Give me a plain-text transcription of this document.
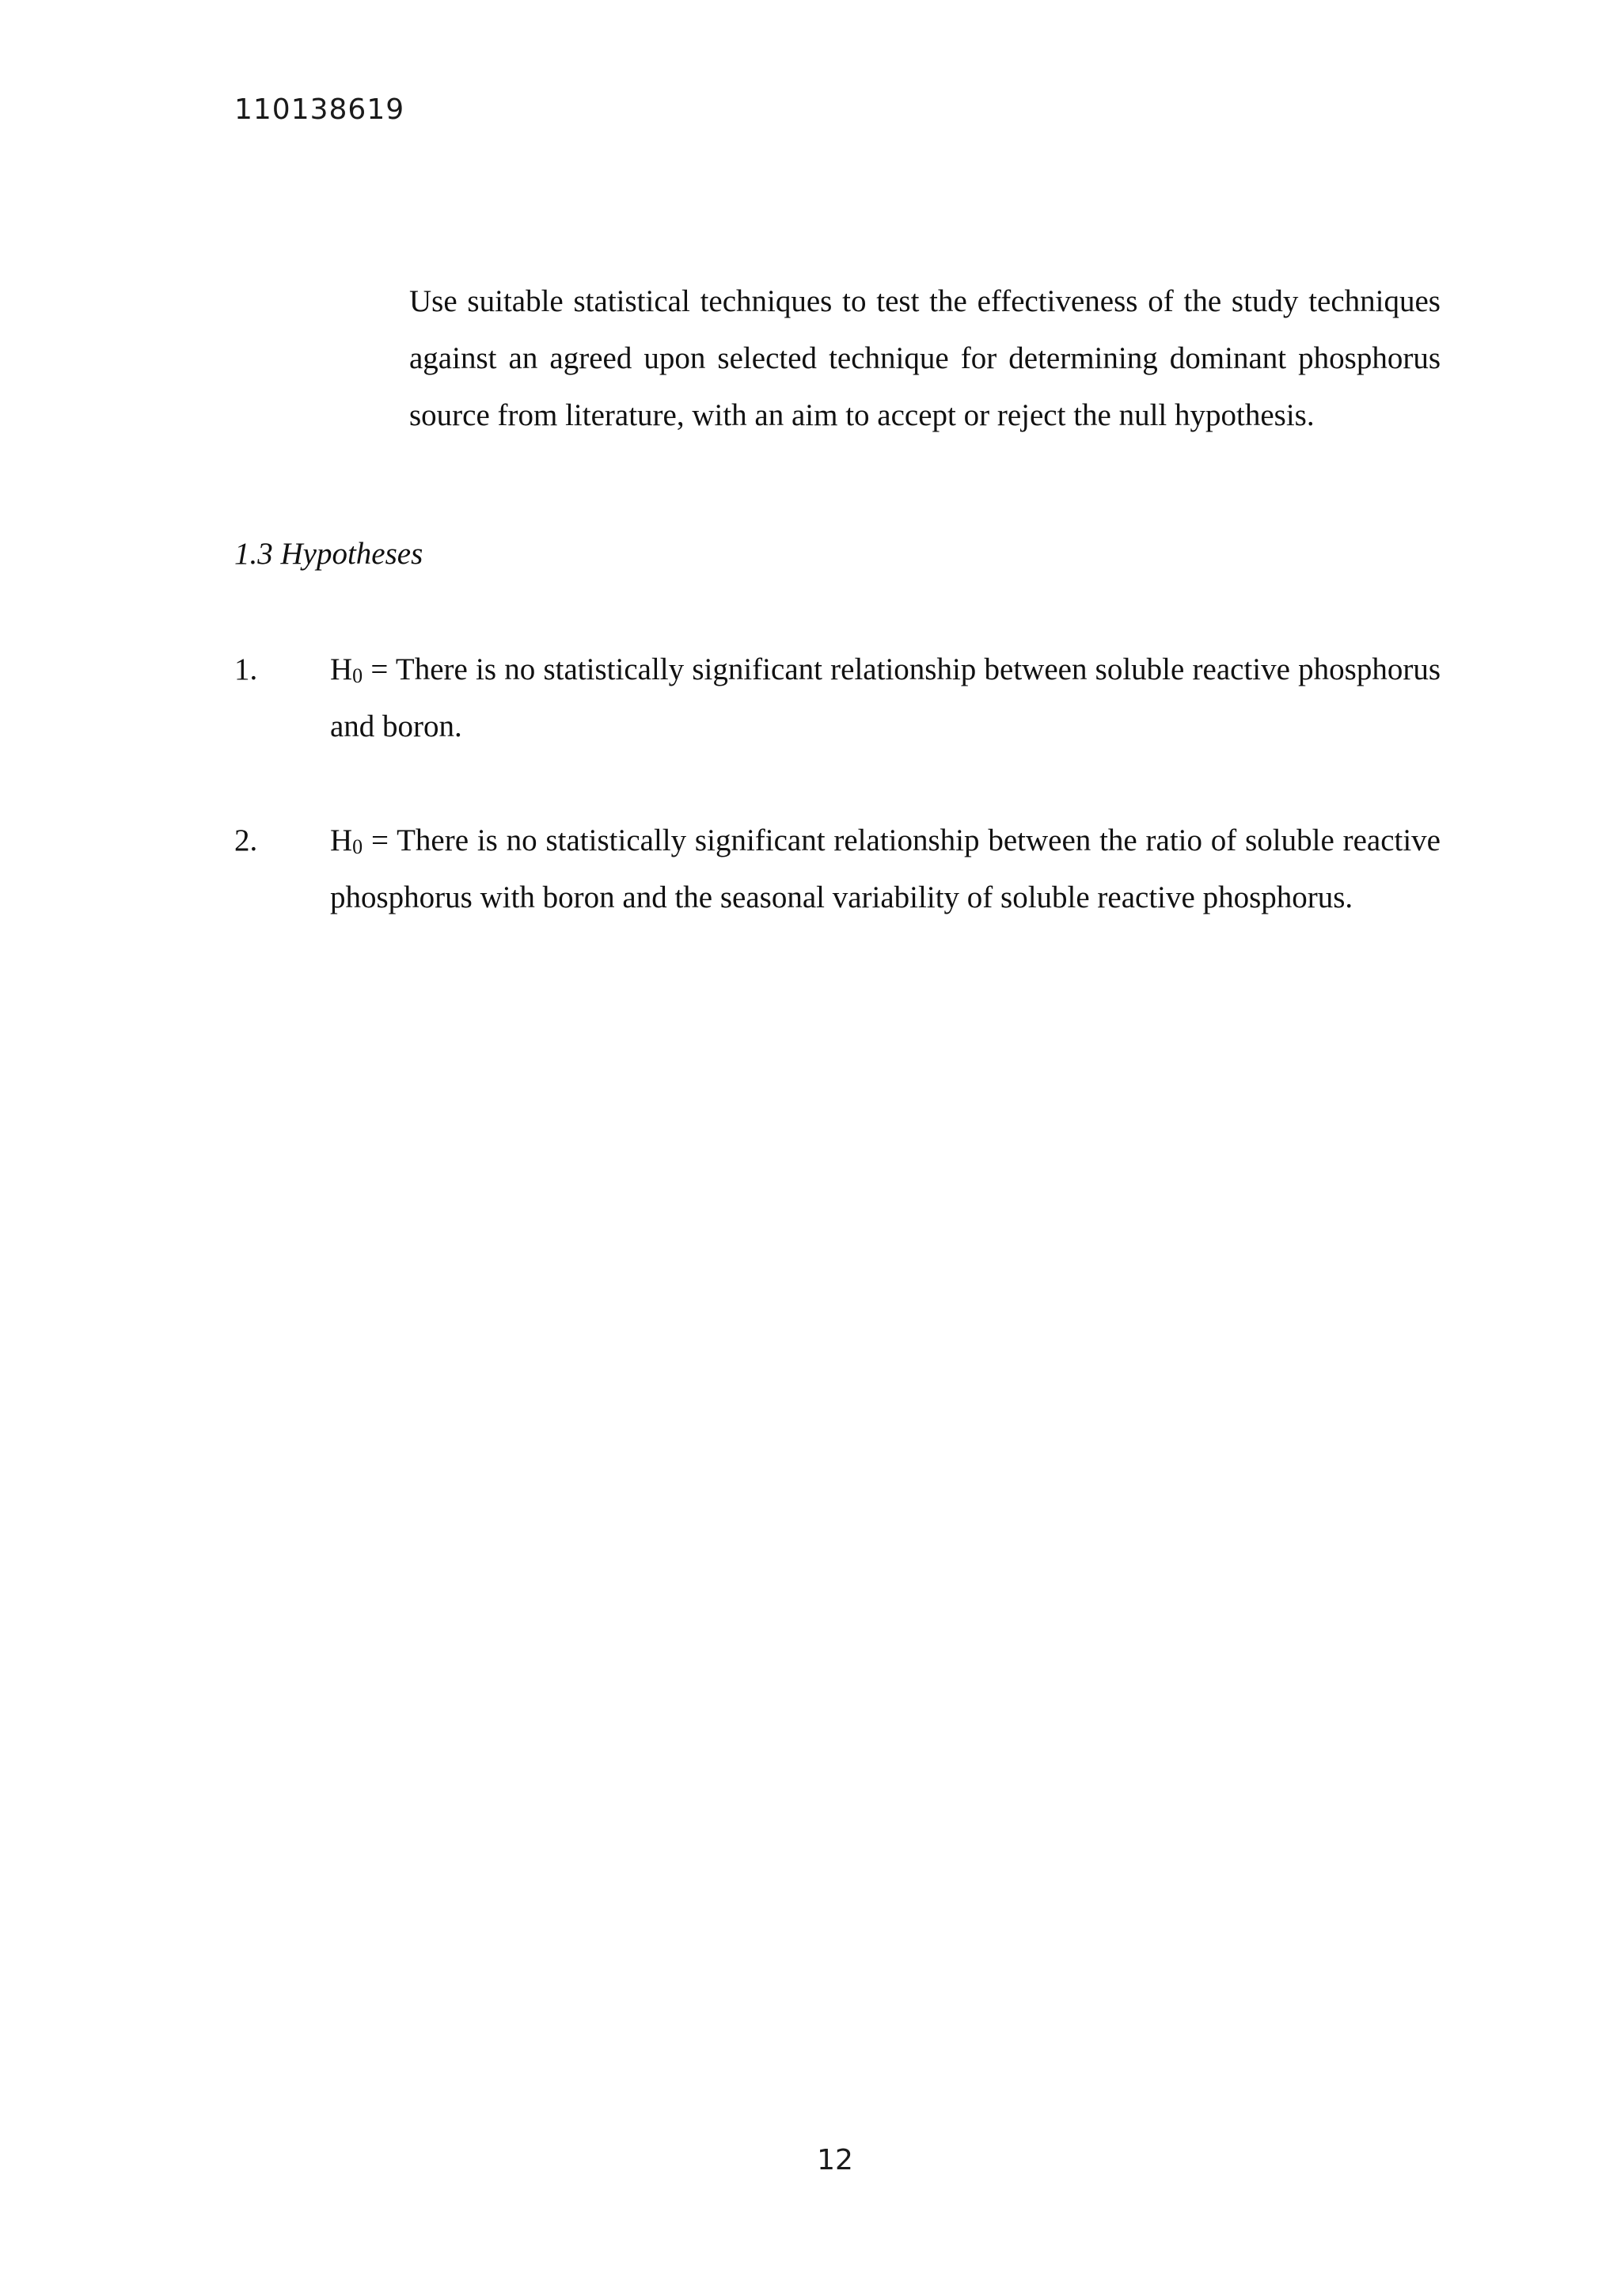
110138619

Use suitable statistical techniques to test the effectiveness of the study techniques against an agreed upon selected technique for determining dominant phosphorus source from literature, with an aim to accept or reject the null hypothesis.

1.3 Hypotheses
1. H0 = There is no statistically significant relationship between soluble reactive phosphorus and boron.
2. H0 = There is no statistically significant relationship between the ratio of soluble reactive phosphorus with boron and the seasonal variability of soluble reactive phosphorus.
12
